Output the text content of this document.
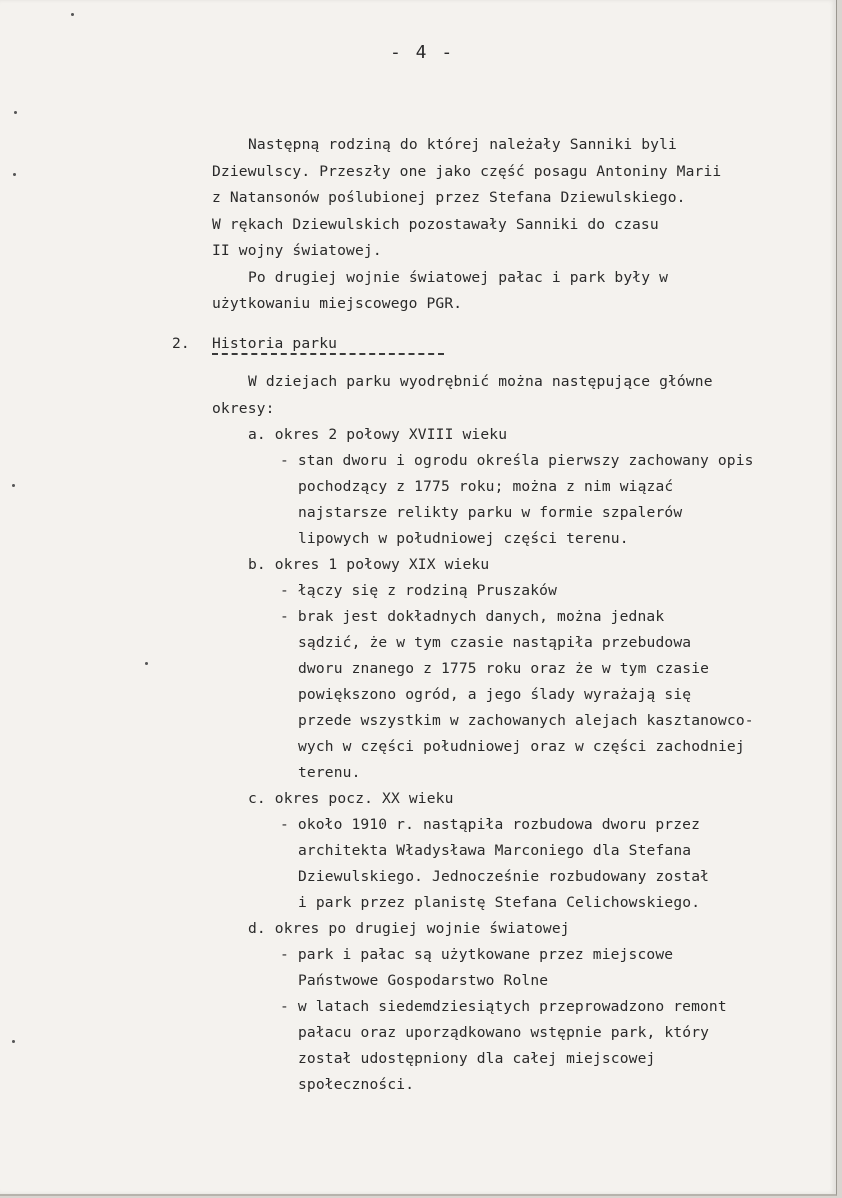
- 4 -
Następną rodziną do której należały Sanniki byli
Dziewulscy. Przeszły one jako część posagu Antoniny Marii
z Natansonów poślubionej przez Stefana Dziewulskiego.
W rękach Dziewulskich pozostawały Sanniki do czasu
II wojny światowej.
Po drugiej wojnie światowej pałac i park były w
użytkowaniu miejscowego PGR.
2. Historia parku
W dziejach parku wyodrębnić można następujące główne
okresy:
a. okres 2 połowy XVIII wieku
- stan dworu i ogrodu określa pierwszy zachowany opis
pochodzący z 1775 roku; można z nim wiązać
najstarsze relikty parku w formie szpalerów
lipowych w południowej części terenu.
b. okres 1 połowy XIX wieku
- łączy się z rodziną Pruszaków
- brak jest dokładnych danych, można jednak
sądzić, że w tym czasie nastąpiła przebudowa
dworu znanego z 1775 roku oraz że w tym czasie
powiększono ogród, a jego ślady wyrażają się
przede wszystkim w zachowanych alejach kasztanowco-
wych w części południowej oraz w części zachodniej
terenu.
c. okres pocz. XX wieku
- około 1910 r. nastąpiła rozbudowa dworu przez
architekta Władysława Marconiego dla Stefana
Dziewulskiego. Jednocześnie rozbudowany został
i park przez planistę Stefana Celichowskiego.
d. okres po drugiej wojnie światowej
- park i pałac są użytkowane przez miejscowe
Państwowe Gospodarstwo Rolne
- w latach siedemdziesiątych przeprowadzono remont
pałacu oraz uporządkowano wstępnie park, który
został udostępniony dla całej miejscowej
społeczności.
